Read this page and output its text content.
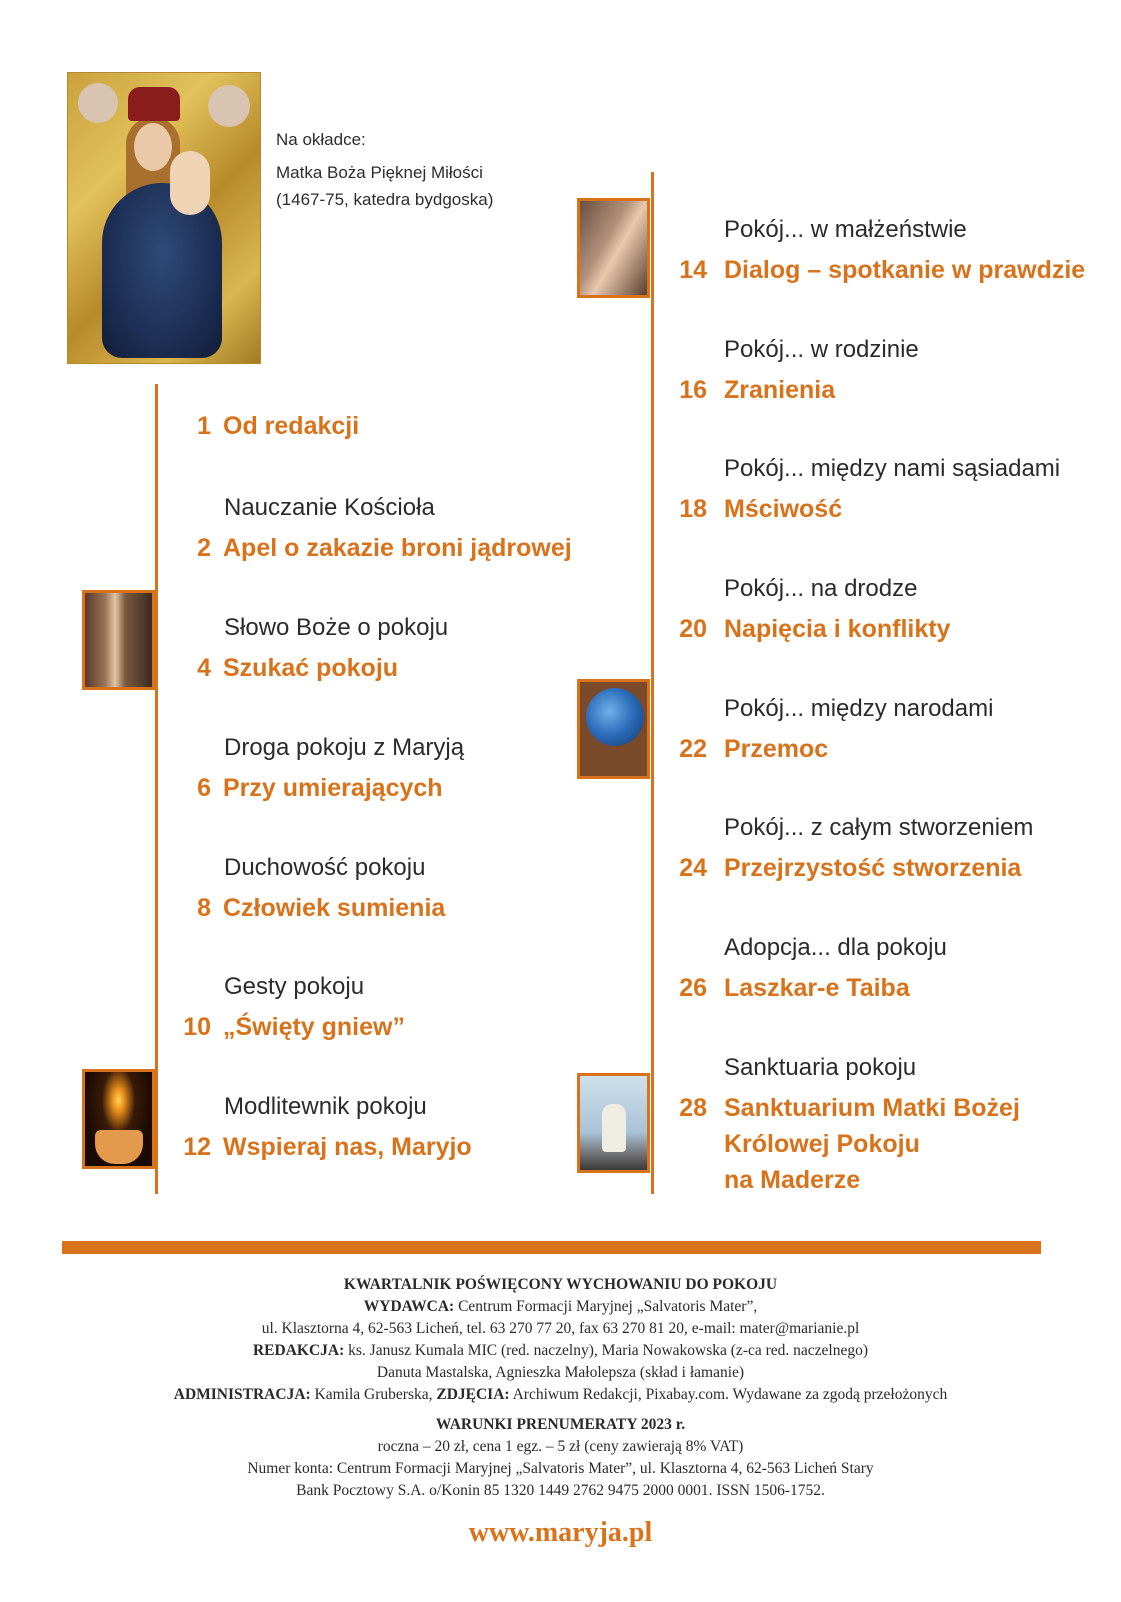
Na okładce:
Matka Boża Pięknej Miłości
(1467-75, katedra bydgoska)
1 Od redakcji
Nauczanie Kościoła
2 Apel o zakazie broni jądrowej
Słowo Boże o pokoju
4 Szukać pokoju
Droga pokoju z Maryją
6 Przy umierających
Duchowość pokoju
8 Człowiek sumienia
Gesty pokoju
10 „Święty gniew”
Modlitewnik pokoju
12 Wspieraj nas, Maryjo
Pokój... w małżeństwie
14 Dialog – spotkanie w prawdzie
Pokój... w rodzinie
16 Zranienia
Pokój... między nami sąsiadami
18 Mściwość
Pokój... na drodze
20 Napięcia i konflikty
Pokój... między narodami
22 Przemoc
Pokój... z całym stworzeniem
24 Przejrzystość stworzenia
Adopcja... dla pokoju
26 Laszkar-e Taiba
Sanktuaria pokoju
28 Sanktuarium Matki Bożej
Królowej Pokoju
na Maderze
KWARTALNIK POŚWIĘCONY WYCHOWANIU DO POKOJU
WYDAWCA: Centrum Formacji Maryjnej „Salvatoris Mater”,
ul. Klasztorna 4, 62-563 Licheń, tel. 63 270 77 20, fax 63 270 81 20, e-mail: mater@marianie.pl
REDAKCJA: ks. Janusz Kumala MIC (red. naczelny), Maria Nowakowska (z-ca red. naczelnego)
Danuta Mastalska, Agnieszka Małolepsza (skład i łamanie)
ADMINISTRACJA: Kamila Gruberska, ZDJĘCIA: Archiwum Redakcji, Pixabay.com. Wydawane za zgodą przełożonych
WARUNKI PRENUMERATY 2023 r.
roczna – 20 zł, cena 1 egz. – 5 zł (ceny zawierają 8% VAT)
Numer konta: Centrum Formacji Maryjnej „Salvatoris Mater”, ul. Klasztorna 4, 62-563 Licheń Stary
Bank Pocztowy S.A. o/Konin 85 1320 1449 2762 9475 2000 0001. ISSN 1506-1752.
www.maryja.pl
